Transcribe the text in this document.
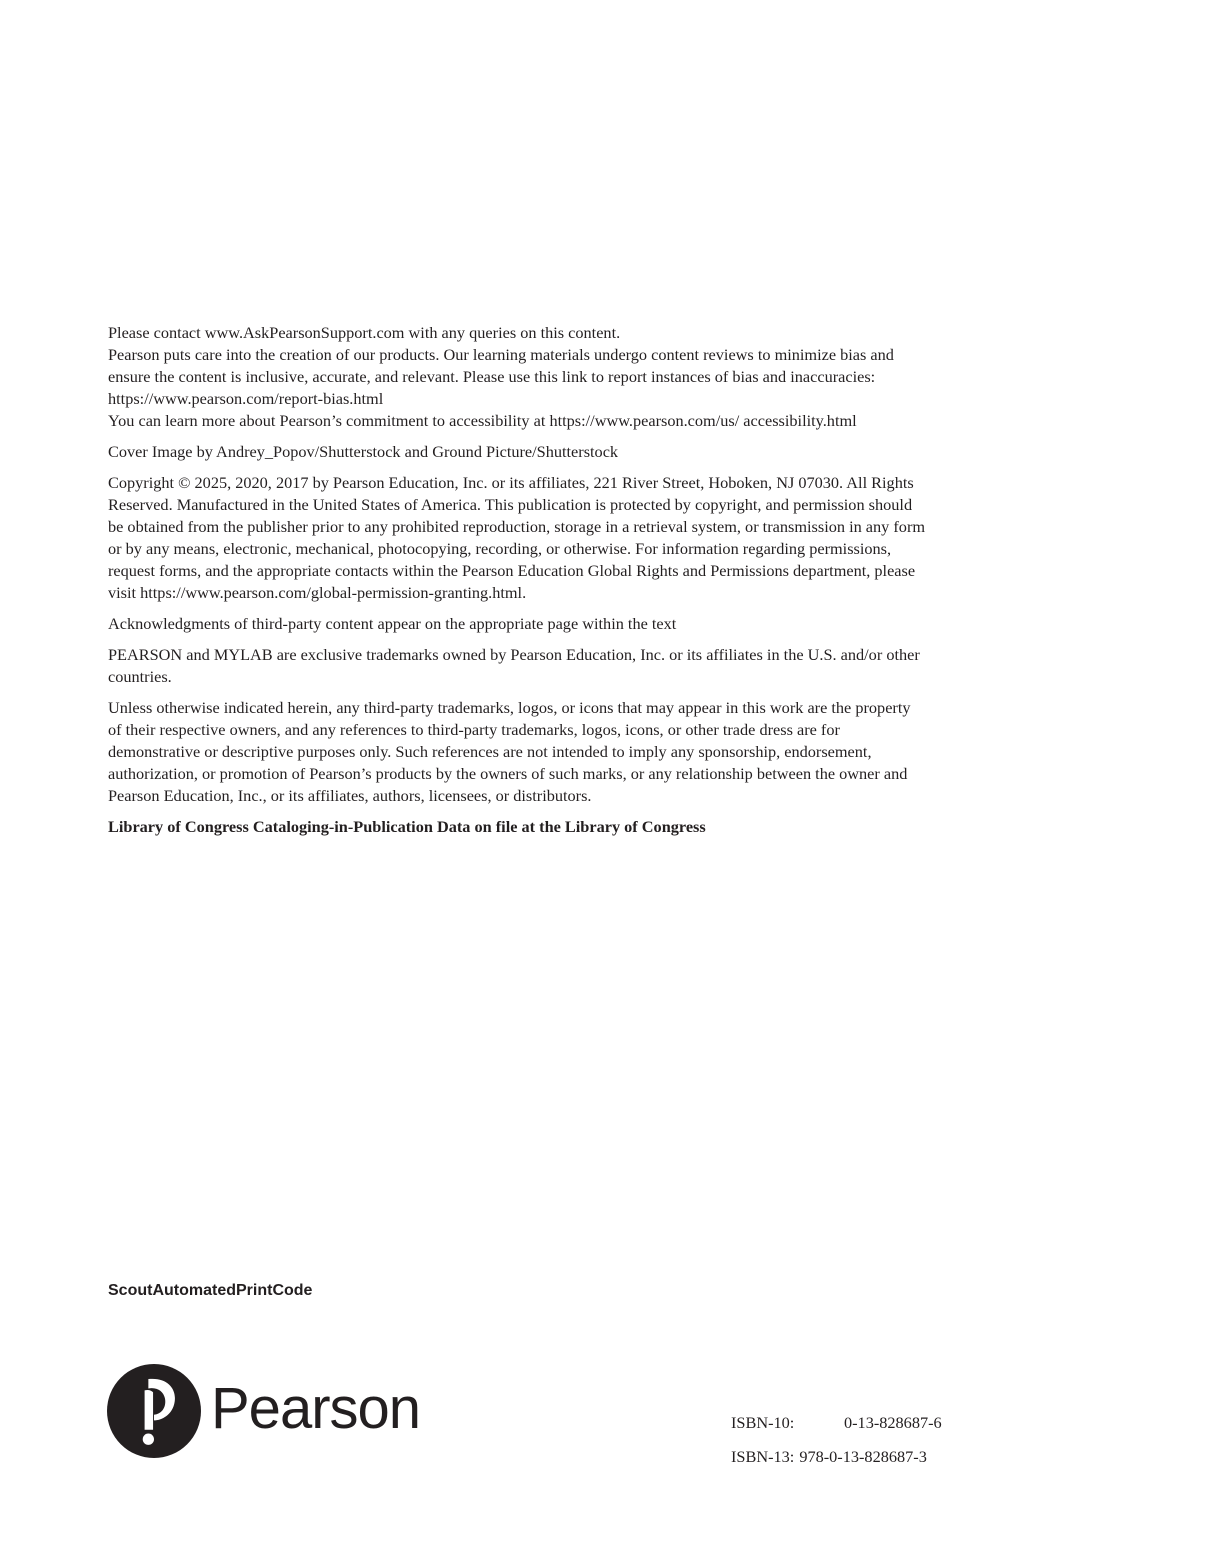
Please contact www.AskPearsonSupport.com with any queries on this content.

Pearson puts care into the creation of our products. Our learning materials undergo content reviews to minimize bias and ensure the content is inclusive, accurate, and relevant. Please use this link to report instances of bias and inaccuracies: https://www.pearson.com/report-bias.html

You can learn more about Pearson’s commitment to accessibility at https://www.pearson.com/us/ accessibility.html

Cover Image by Andrey_Popov/Shutterstock and Ground Picture/Shutterstock

Copyright © 2025, 2020, 2017 by Pearson Education, Inc. or its affiliates, 221 River Street, Hoboken, NJ 07030. All Rights Reserved. Manufactured in the United States of America. This publication is protected by copyright, and permission should be obtained from the publisher prior to any prohibited reproduction, storage in a retrieval system, or transmission in any form or by any means, electronic, mechanical, photocopying, recording, or otherwise. For information regarding permissions, request forms, and the appropriate contacts within the Pearson Education Global Rights and Permissions department, please visit https://www.pearson.com/global-permission-granting.html.

Acknowledgments of third-party content appear on the appropriate page within the text

PEARSON and MYLAB are exclusive trademarks owned by Pearson Education, Inc. or its affiliates in the U.S. and/or other countries.

Unless otherwise indicated herein, any third-party trademarks, logos, or icons that may appear in this work are the property of their respective owners, and any references to third-party trademarks, logos, icons, or other trade dress are for demonstrative or descriptive purposes only. Such references are not intended to imply any sponsorship, endorsement, authorization, or promotion of Pearson’s products by the owners of such marks, or any relationship between the owner and Pearson Education, Inc., or its affiliates, authors, licensees, or distributors.

Library of Congress Cataloging-in-Publication Data on file at the Library of Congress

ScoutAutomatedPrintCode
Pearson	ISBN-10:	0-13-828687-6
ISBN-13: 978-0-13-828687-3
